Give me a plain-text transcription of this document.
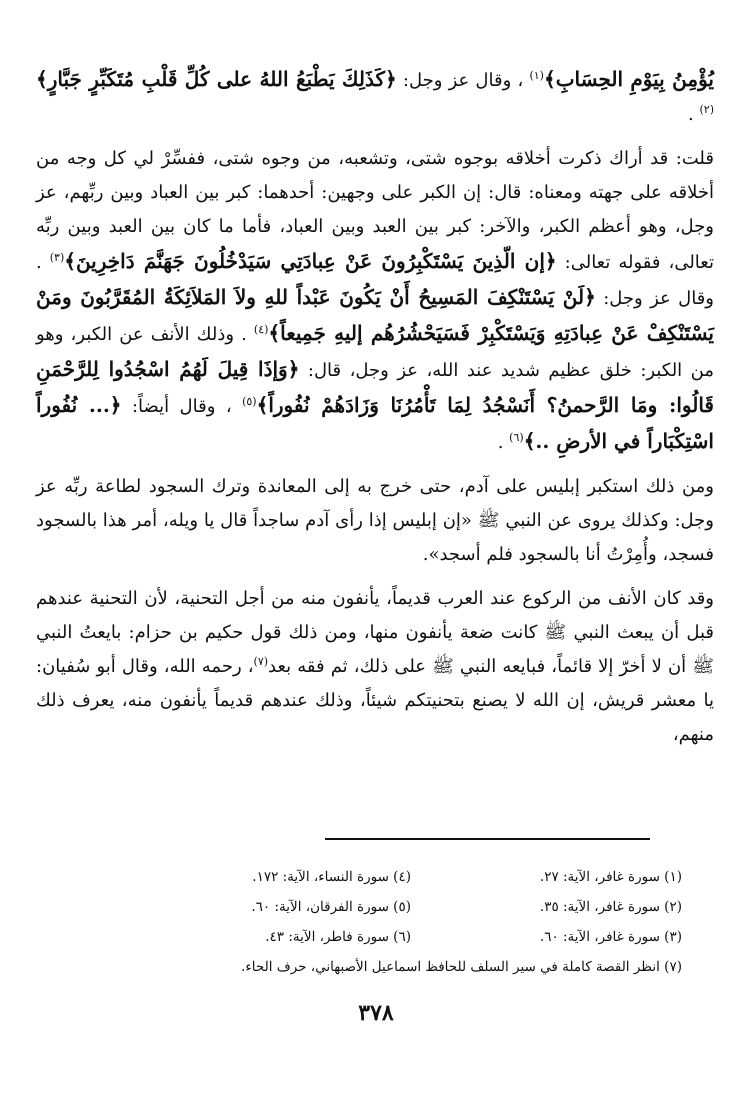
يُؤْمِنُ بِيَوْمِ الحِسَابِ﴾$^{(١)}$ ، وقال عز وجل: ﴿كَذَلِكَ يَطْبَعُ اللهُ على كُلِّ قَلْبِ مُتَكَبِّرٍ جَبَّارٍ﴾$^{(٢)}$ .

قلت: قد أراك ذكرت أخلاقه بوجوه شتى، وتشعبه، من وجوه شتى، ففسِّرْ لي كل وجه من أخلاقه على جهته ومعناه: قال: إن الكبر على وجهين: أحدهما: كبر بين العباد وبين ربِّهم، عز وجل، وهو أعظم الكبر، والآخر: كبر بين العبد وبين العباد، فأما ما كان بين العبد وبين ربِّه تعالى، فقوله تعالى: ﴿إن الّذِينَ يَسْتَكْبِرُونَ عَنْ عِبادَتِي سَيَدْخُلُونَ جَهَنَّمَ دَاخِرِينَ﴾$^{(٣)}$ . وقال عز وجل: ﴿لَنْ يَسْتَنْكِفَ المَسِيحُ أَنْ يَكُونَ عَبْداً للهِ ولاَ المَلاَئِكَةُ المُقَرَّبُونَ ومَنْ يَسْتَنْكِفْ عَنْ عِبادَتِهِ وَيَسْتَكْبِرْ فَسَيَحْشُرُهُم إليهِ جَمِيعاً﴾$^{(٤)}$ . وذلك الأنف عن الكبر، وهو من الكبر: خلق عظيم شديد عند الله، عز وجل، قال: ﴿وَإذَا قِيلَ لَهُمُ اسْجُدُوا لِلرَّحْمَنِ قَالُوا: ومَا الرَّحمنُ؟ أَنَسْجُدُ لِمَا تَأْمُرُنَا وَزَادَهُمْ نُفُوراً﴾$^{(٥)}$ ، وقال أيضاً: ﴿... نُفُوراً اسْتِكْبَاراً في الأرضِ ..﴾$^{(٦)}$ .

ومن ذلك استكبر إبليس على آدم، حتى خرج به إلى المعاندة وترك السجود لطاعة ربِّه عز وجل: وكذلك يروى عن النبي ﷺ «إن إبليس إذا رأى آدم ساجداً قال يا ويله، أمر هذا بالسجود فسجد، وأُمِرْتُ أنا بالسجود فلم أسجد».

وقد كان الأنف من الركوع عند العرب قديماً، يأنفون منه من أجل التحنية، لأن التحنية عندهم قبل أن يبعث النبي ﷺ كانت ضعة يأنفون منها، ومن ذلك قول حكيم بن حزام: بايعتُ النبي ﷺ أن لا أخرّ إلا قائماً، فبايعه النبي ﷺ على ذلك، ثم فقه بعد$^{(٧)}$، رحمه الله، وقال أبو سُفيان: يا معشر قريش، إن الله لا يصنع بتحنيتكم شيئاً، وذلك عندهم قديماً يأنفون منه، يعرف ذلك منهم،

(١) سورة غافر، الآية: ٢٧.
(٤) سورة النساء، الآية: ١٧٢.
(٢) سورة غافر، الآية: ٣٥.
(٥) سورة الفرقان، الآية: ٦٠.
(٣) سورة غافر، الآية: ٦٠.
(٦) سورة فاطر، الآية: ٤٣.
(٧) انظر القصة كاملة في سير السلف للحافظ اسماعيل الأصبهاني، حرف الحاء.
٣٧٨
